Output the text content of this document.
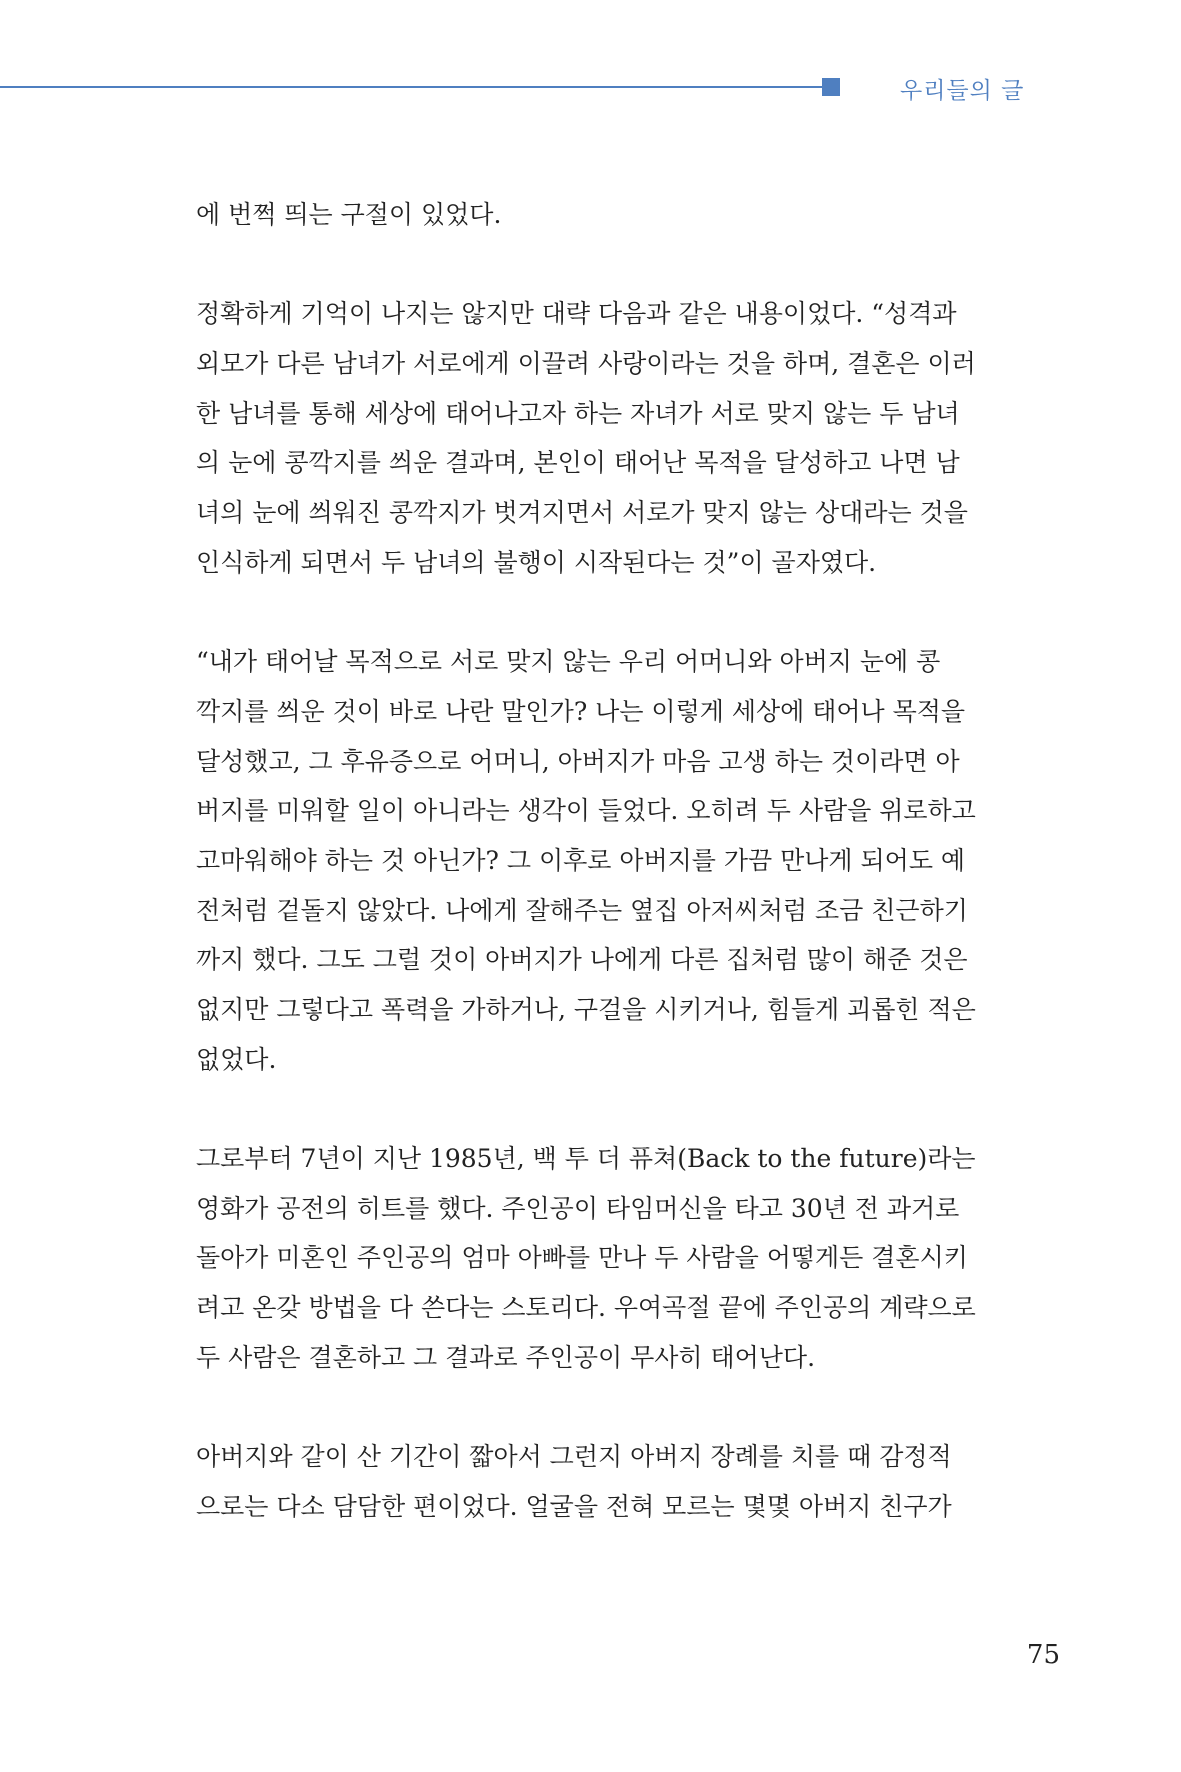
우리들의 글

에 번쩍 띄는 구절이 있었다.

정확하게 기억이 나지는 않지만 대략 다음과 같은 내용이었다. “성격과
외모가 다른 남녀가 서로에게 이끌려 사랑이라는 것을 하며, 결혼은 이러
한 남녀를 통해 세상에 태어나고자 하는 자녀가 서로 맞지 않는 두 남녀
의 눈에 콩깍지를 씌운 결과며, 본인이 태어난 목적을 달성하고 나면 남
녀의 눈에 씌워진 콩깍지가 벗겨지면서 서로가 맞지 않는 상대라는 것을
인식하게 되면서 두 남녀의 불행이 시작된다는 것”이 골자였다.

“내가 태어날 목적으로 서로 맞지 않는 우리 어머니와 아버지 눈에 콩
깍지를 씌운 것이 바로 나란 말인가? 나는 이렇게 세상에 태어나 목적을
달성했고, 그 후유증으로 어머니, 아버지가 마음 고생 하는 것이라면 아
버지를 미워할 일이 아니라는 생각이 들었다. 오히려 두 사람을 위로하고
고마워해야 하는 것 아닌가? 그 이후로 아버지를 가끔 만나게 되어도 예
전처럼 겉돌지 않았다. 나에게 잘해주는 옆집 아저씨처럼 조금 친근하기
까지 했다. 그도 그럴 것이 아버지가 나에게 다른 집처럼 많이 해준 것은
없지만 그렇다고 폭력을 가하거나, 구걸을 시키거나, 힘들게 괴롭힌 적은
없었다.

그로부터 7년이 지난 1985년, 백 투 더 퓨쳐(Back to the future)라는
영화가 공전의 히트를 했다. 주인공이 타임머신을 타고 30년 전 과거로
돌아가 미혼인 주인공의 엄마 아빠를 만나 두 사람을 어떻게든 결혼시키
려고 온갖 방법을 다 쓴다는 스토리다. 우여곡절 끝에 주인공의 계략으로
두 사람은 결혼하고 그 결과로 주인공이 무사히 태어난다.

아버지와 같이 산 기간이 짧아서 그런지 아버지 장례를 치를 때 감정적
으로는 다소 담담한 편이었다. 얼굴을 전혀 모르는 몇몇 아버지 친구가

75
